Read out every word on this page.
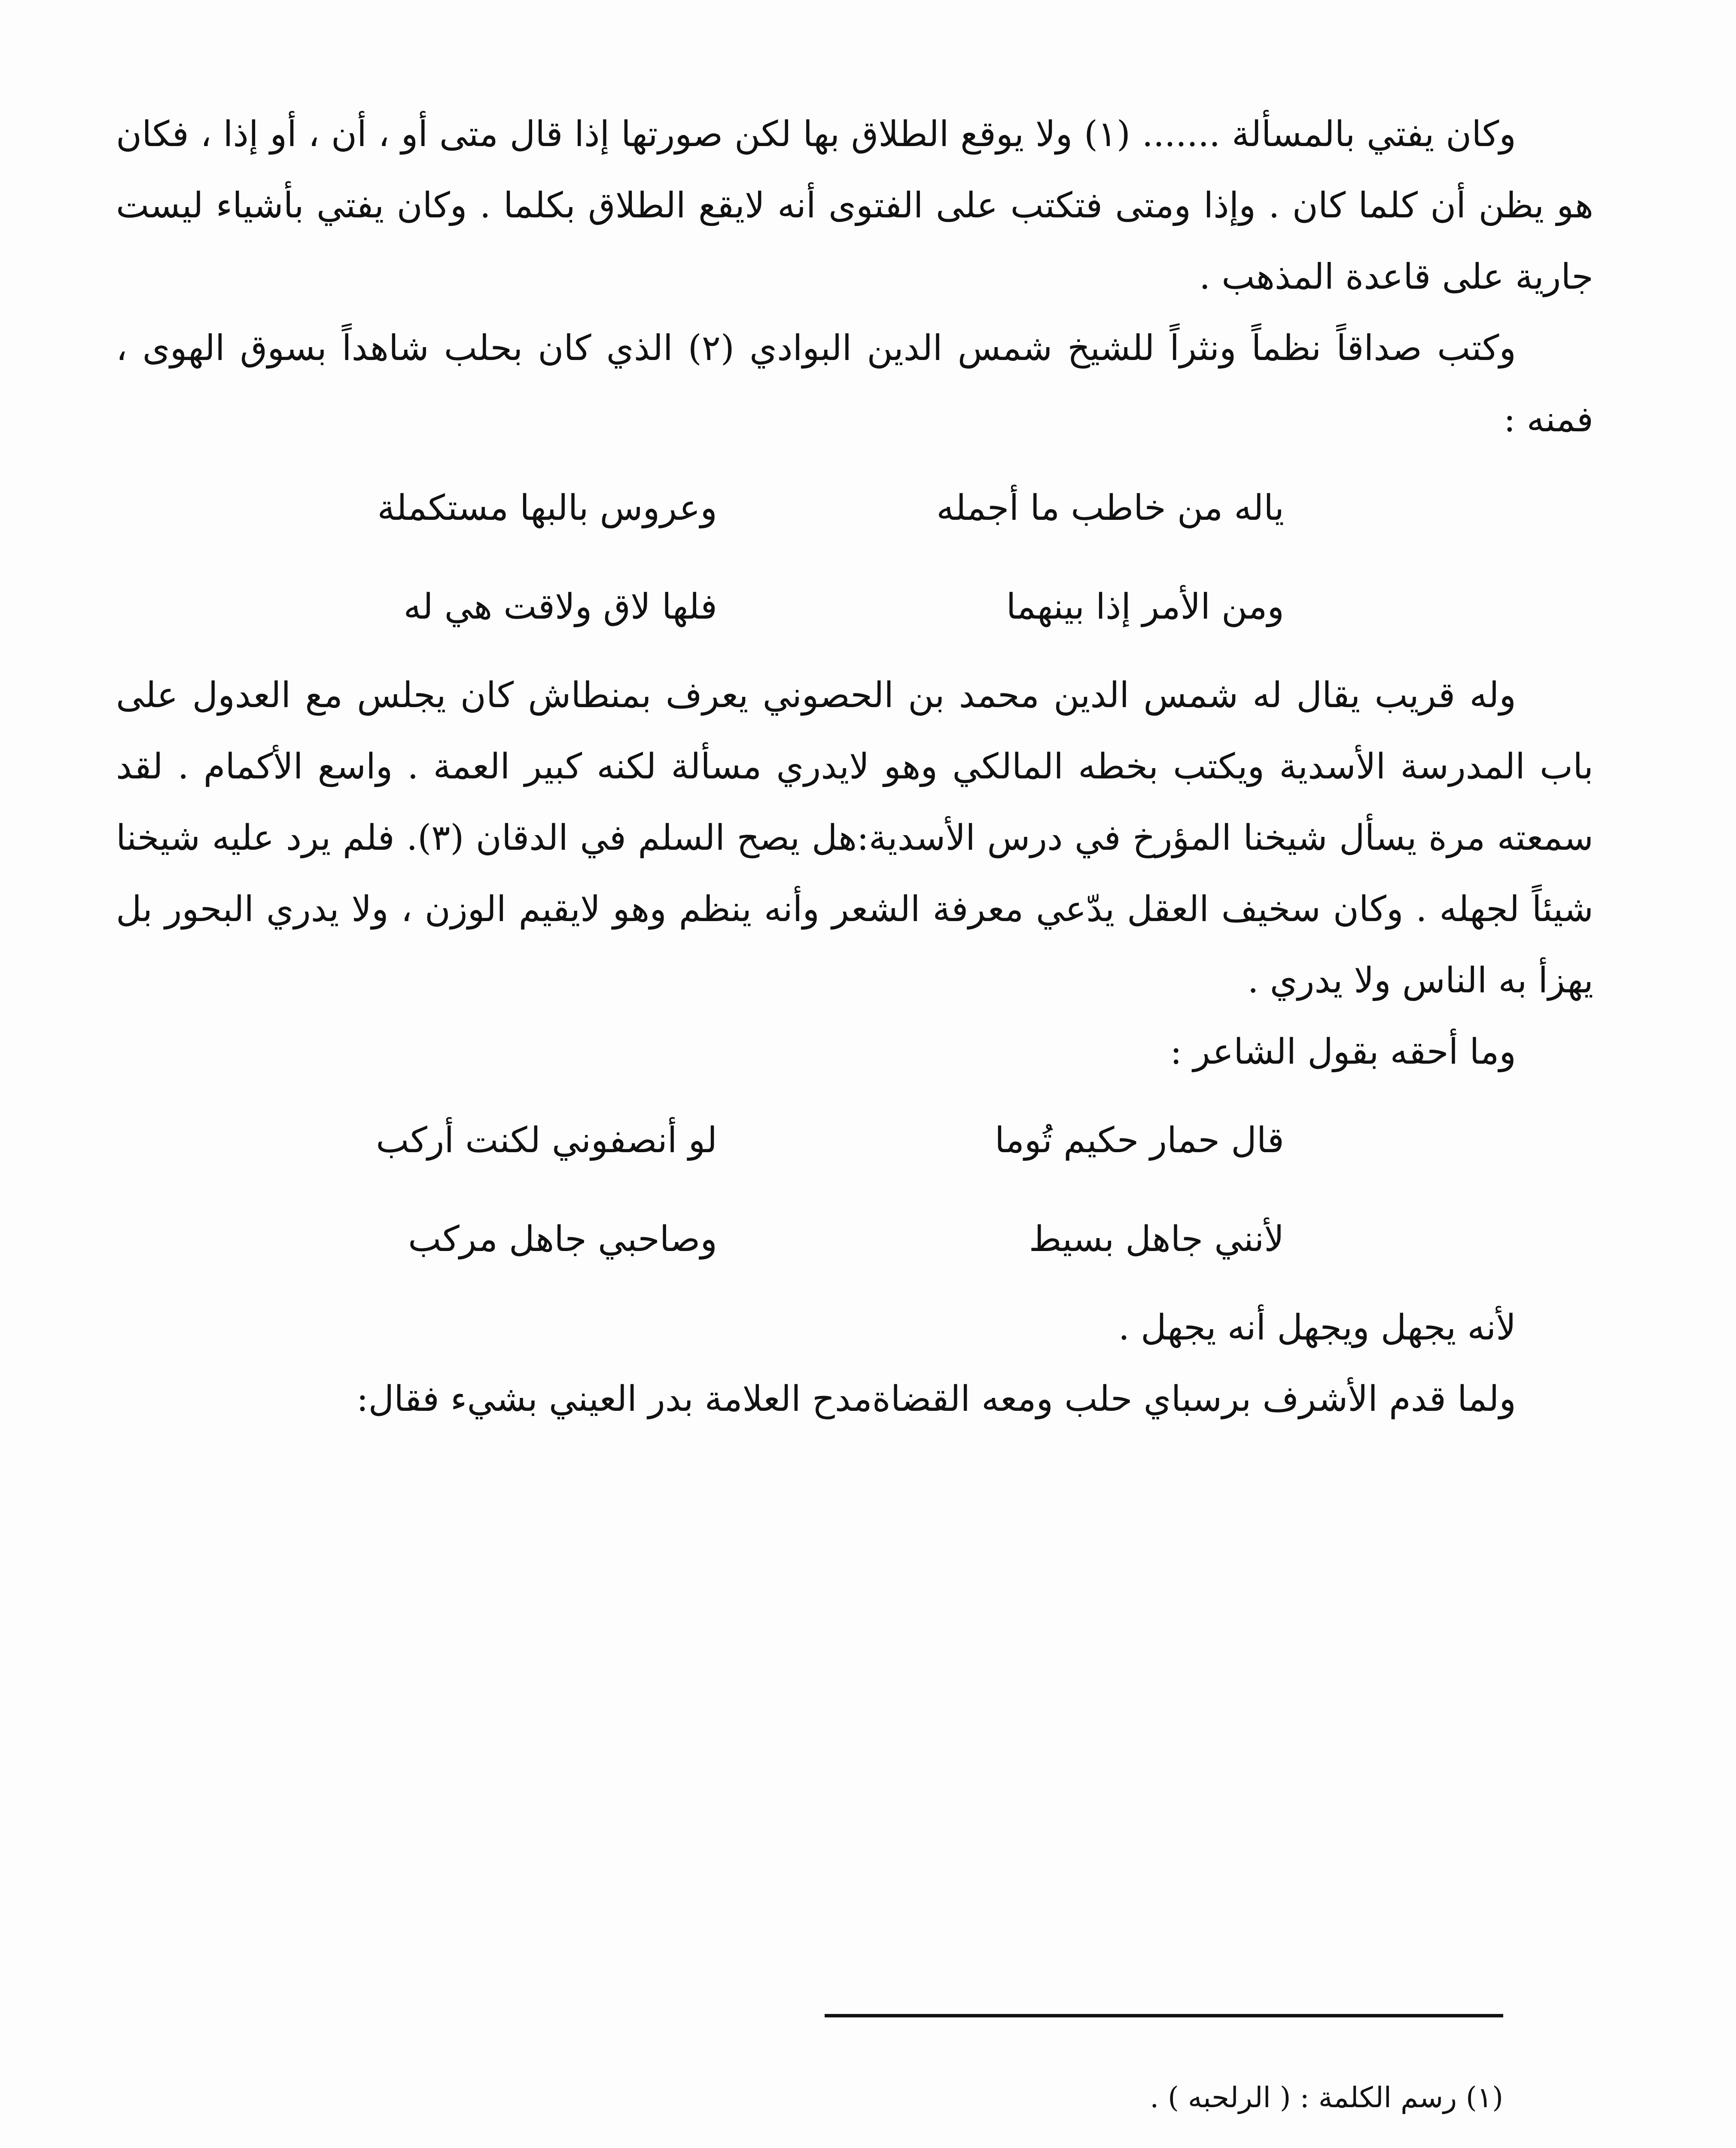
وكان يفتي بالمسألة ....... (١) ولا يوقع الطلاق بها لكن صورتها إذا قال متى أو ، أن ، أو إذا ، فكان هو يظن أن كلما كان . وإذا ومتى فتكتب على الفتوى أنه لايقع الطلاق بكلما . وكان يفتي بأشياء ليست جارية على قاعدة المذهب .

وكتب صداقاً نظماً ونثراً للشيخ شمس الدين البوادي (٢) الذي كان بحلب شاهداً بسوق الهوى ، فمنه :

ياله من خاطب ما أجمله
وعروس بالبها مستكملة
ومن الأمر إذا بينهما
فلها لاق ولاقت هي له

وله قريب يقال له شمس الدين محمد بن الحصوني يعرف بمنطاش كان يجلس مع العدول على باب المدرسة الأسدية ويكتب بخطه المالكي وهو لايدري مسألة لكنه كبير العمة . واسع الأكمام . لقد سمعته مرة يسأل شيخنا المؤرخ في درس الأسدية:هل يصح السلم في الدقان (٣). فلم يرد عليه شيخنا شيئاً لجهله . وكان سخيف العقل يدّعي معرفة الشعر وأنه ينظم وهو لايقيم الوزن ، ولا يدري البحور بل يهزأ به الناس ولا يدري .

وما أحقه بقول الشاعر :

قال حمار حكيم تُوما
لو أنصفوني لكنت أركب
لأنني جاهل بسيط
وصاحبي جاهل مركب

لأنه يجهل ويجهل أنه يجهل .

ولما قدم الأشرف برسباي حلب ومعه القضاةمدح العلامة بدر العيني بشيء فقال:

(١) رسم الكلمة : ( الرلحبه ) .
